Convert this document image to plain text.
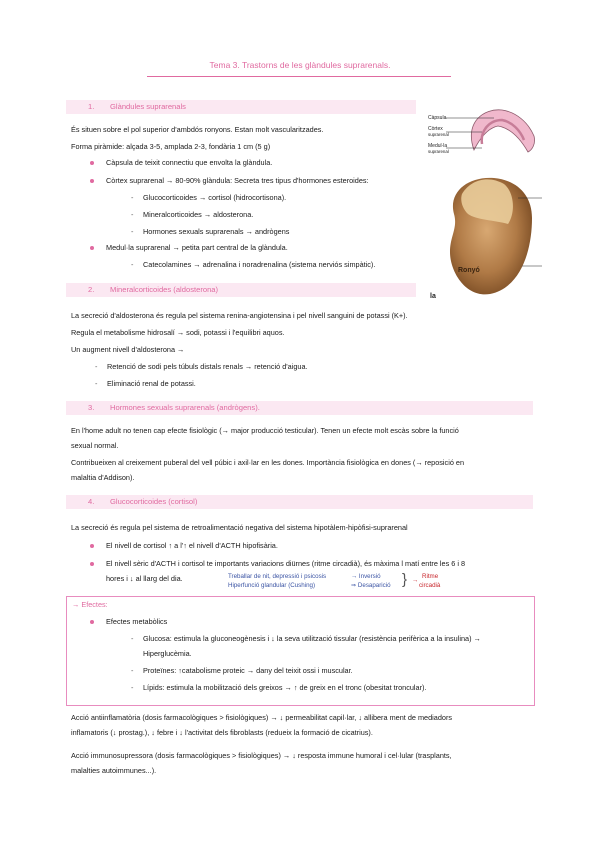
Tema 3. Trastorns de les glàndules suprarenals.
1. Glàndules suprarenals
És situen sobre el pol superior d'ambdós ronyons. Estan molt vascularitzades.
Forma piràmide: alçada 3-5, amplada 2-3, fondària 1 cm (5 g)
Càpsula de teixit connectiu que envolta la glàndula.
Còrtex suprarenal → 80-90% glàndula: Secreta tres tipus d'hormones esteroides:
- Glucocorticoides → cortisol (hidrocortisona).
- Mineralcorticoides → aldosterona.
- Hormones sexuals suprarenals → andrògens
Medul·la suprarenal → petita part central de la glàndula.
- Catecolamines → adrenalina i noradrenalina (sistema nerviós simpàtic).
Càpsula
Còrtex
suprarenal
Medul·la
suprarenal
Ronyó
la
2. Mineralcorticoides (aldosterona)
La secreció d'aldosterona és regula pel sistema renina-angiotensina i pel nivell sanguini de potassi (K+).
Regula el metabolisme hidrosalí → sodi, potassi i l'equilibri aquos.
Un augment nivell d'aldosterona →
- Retenció de sodi pels túbuls distals renals → retenció d'aigua.
- Eliminació renal de potassi.
3. Hormones sexuals suprarenals (andrògens).
En l'home adult no tenen cap efecte fisiològic (→ major producció testicular). Tenen un efecte molt escàs sobre la funció
sexual normal.
Contribueixen al creixement puberal del vell púbic i axil·lar en les dones. Importància fisiològica en dones (→ reposició en
malaltia d'Addison).
4. Glucocorticoides (cortisol)
La secreció és regula pel sistema de retroalimentació negativa del sistema hipotàlem-hipòfisi-suprarenal
El nivell de cortisol ↑ a l'↑ el nivell d'ACTH hipofisària.
El nivell sèric d'ACTH i cortisol te importants variacions diürnes (ritme circadià), és màxima l matí entre les 6 i 8
hores i ↓ al llarg del dia.	Treballar de nit, depressió i psicosis
Hiperfunció glandular (Cushing)
→ Inversió
⇒ Desaparició } →
Ritme
circadià
→ Efectes:
Efectes metabòlics
- Glucosa: estimula la gluconeogènesis i ↓ la seva utilització tissular (resistència perifèrica a la insulina) →
Hiperglucèmia.
- Proteïnes: ↑catabolisme proteic → dany del teixit ossi i muscular.
- Lípids: estimula la mobilització dels greixos → ↑ de greix en el tronc (obesitat troncular).
Acció antiinflamatòria (dosis farmacològiques > fisiològiques) → ↓ permeabilitat capil·lar, ↓ allibera ment de mediadors
inflamatoris (↓ prostag.), ↓ febre i ↓ l'activitat dels fibroblasts (redueix la formació de cicatrius).
Acció immunosupressora (dosis farmacològiques > fisiològiques) → ↓ resposta immune humoral i cel·lular (trasplants,
malalties autoimmunes...).
